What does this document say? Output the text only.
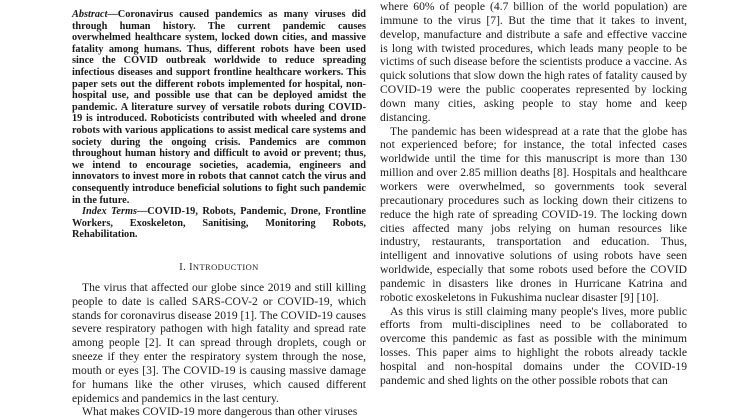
Abstract—Coronavirus caused pandemics as many viruses did through human history. The current pandemic causes overwhelmed healthcare system, locked down cities, and massive fatality among humans. Thus, different robots have been used since the COVID outbreak worldwide to reduce spreading infectious diseases and support frontline healthcare workers. This paper sets out the different robots implemented for hospital, non-hospital use, and possible use that can be deployed amidst the pandemic. A literature survey of versatile robots during COVID-19 is introduced. Roboticists contributed with wheeled and drone robots with various applications to assist medical care systems and society during the ongoing crisis. Pandemics are common throughout human history and difficult to avoid or prevent; thus, we intend to encourage societies, academia, engineers and innovators to invest more in robots that cannot catch the virus and consequently introduce beneficial solutions to fight such pandemic in the future.

Index Terms—COVID-19, Robots, Pandemic, Drone, Frontline Workers, Exoskeleton, Sanitising, Monitoring Robots, Rehabilitation.

I. INTRODUCTION

The virus that affected our globe since 2019 and still killing people to date is called SARS-COV-2 or COVID-19, which stands for coronavirus disease 2019 [1]. The COVID-19 causes severe respiratory pathogen with high fatality and spread rate among people [2]. It can spread through droplets, cough or sneeze if they enter the respiratory system through the nose, mouth or eyes [3]. The COVID-19 is causing massive damage for humans like the other viruses, which caused different epidemics and pandemics in the last century.

What makes COVID-19 more dangerous than other viruses

where 60% of people (4.7 billion of the world population) are immune to the virus [7]. But the time that it takes to invent, develop, manufacture and distribute a safe and effective vaccine is long with twisted procedures, which leads many people to be victims of such disease before the scientists produce a vaccine. As quick solutions that slow down the high rates of fatality caused by COVID-19 were the public cooperates represented by locking down many cities, asking people to stay home and keep distancing.

The pandemic has been widespread at a rate that the globe has not experienced before; for instance, the total infected cases worldwide until the time for this manuscript is more than 130 million and over 2.85 million deaths [8]. Hospitals and healthcare workers were overwhelmed, so governments took several precautionary procedures such as locking down their citizens to reduce the high rate of spreading COVID-19. The locking down cities affected many jobs relying on human resources like industry, restaurants, transportation and education. Thus, intelligent and innovative solutions of using robots have seen worldwide, especially that some robots used before the COVID pandemic in disasters like drones in Hurricane Katrina and robotic exoskeletons in Fukushima nuclear disaster [9] [10].

As this virus is still claiming many people's lives, more public efforts from multi-disciplines need to be collaborated to overcome this pandemic as fast as possible with the minimum losses. This paper aims to highlight the robots already tackle hospital and non-hospital domains under the COVID-19 pandemic and shed lights on the other possible robots that can
